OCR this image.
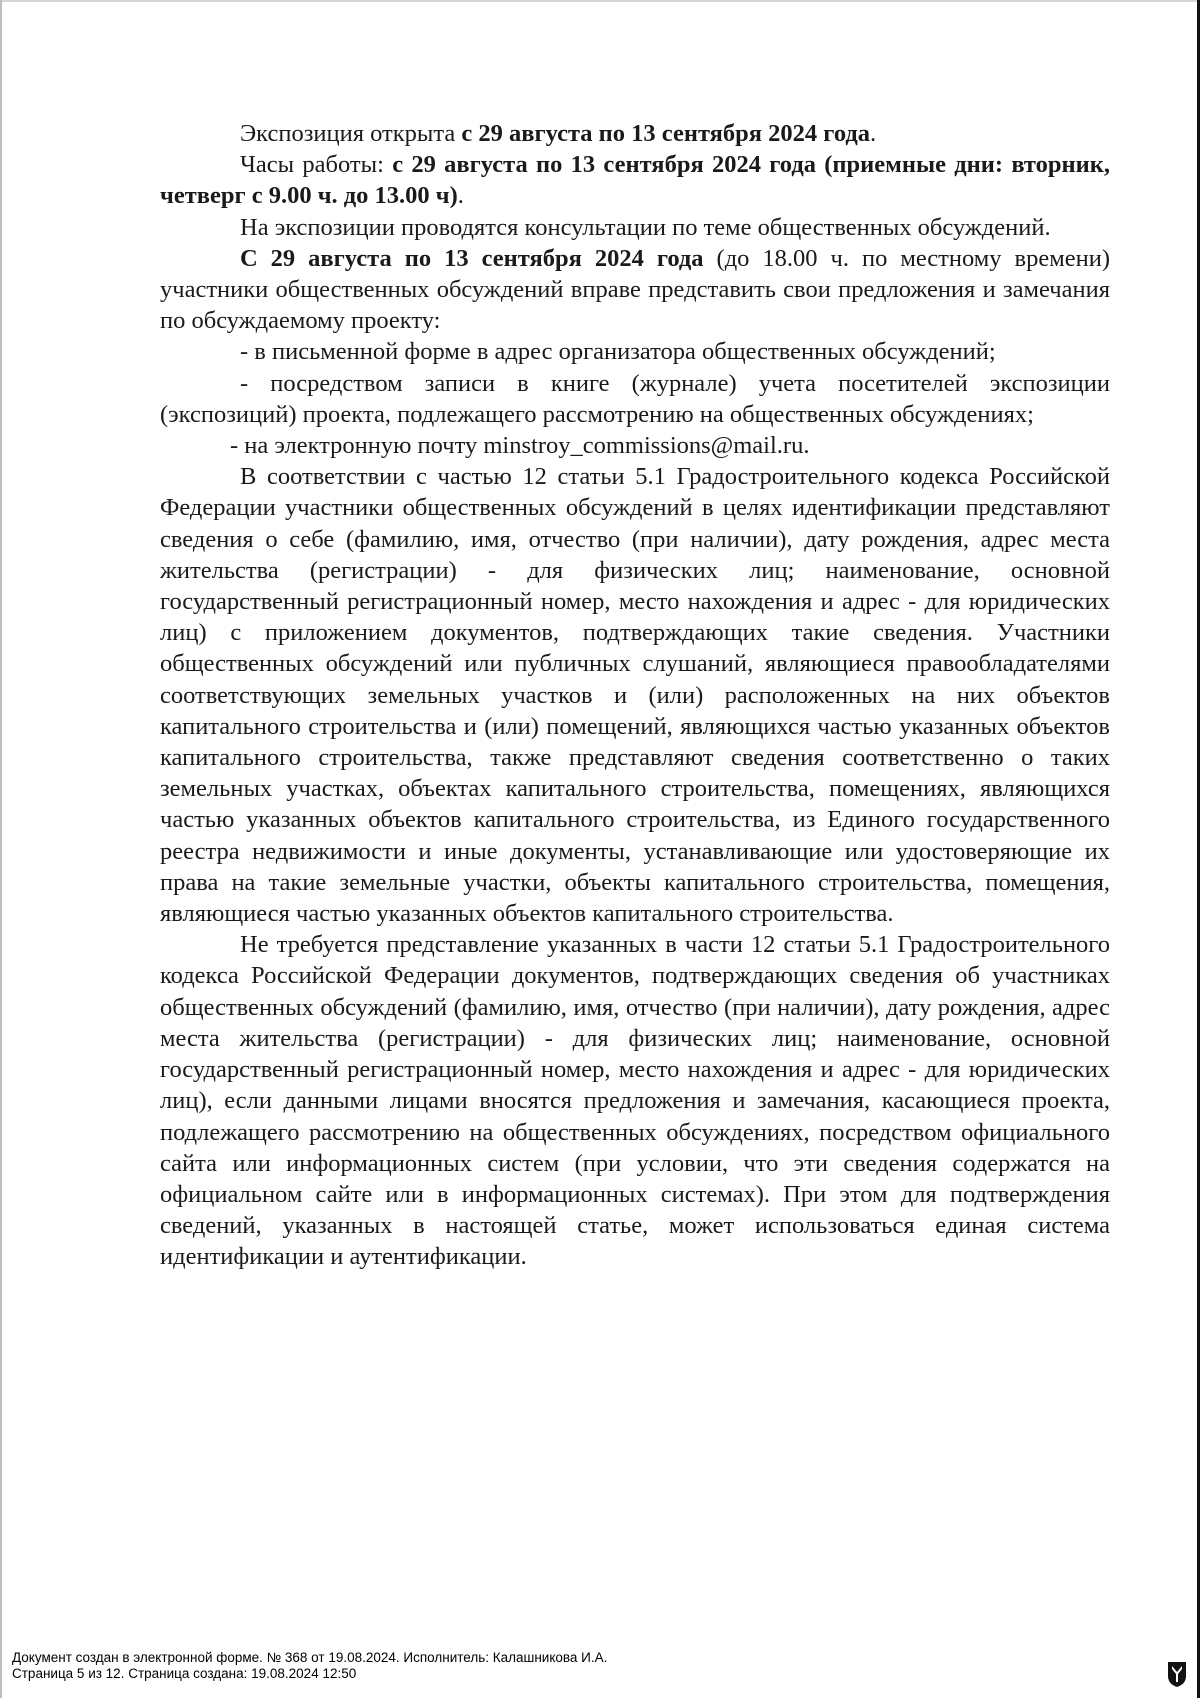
Экспозиция открыта с 29 августа по 13 сентября 2024 года.

Часы работы: с 29 августа по 13 сентября 2024 года (приемные дни: вторник, четверг с 9.00 ч. до 13.00 ч).

На экспозиции проводятся консультации по теме общественных обсуждений.

С 29 августа по 13 сентября 2024 года (до 18.00 ч. по местному времени) участники общественных обсуждений вправе представить свои предложения и замечания по обсуждаемому проекту:

- в письменной форме в адрес организатора общественных обсуждений;

- посредством записи в книге (журнале) учета посетителей экспозиции (экспозиций) проекта, подлежащего рассмотрению на общественных обсуждениях;

- на электронную почту minstroy_commissions@mail.ru.

В соответствии с частью 12 статьи 5.1 Градостроительного кодекса Российской Федерации участники общественных обсуждений в целях идентификации представляют сведения о себе (фамилию, имя, отчество (при наличии), дату рождения, адрес места жительства (регистрации) - для физических лиц; наименование, основной государственный регистрационный номер, место нахождения и адрес - для юридических лиц) с приложением документов, подтверждающих такие сведения. Участники общественных обсуждений или публичных слушаний, являющиеся правообладателями соответствующих земельных участков и (или) расположенных на них объектов капитального строительства и (или) помещений, являющихся частью указанных объектов капитального строительства, также представляют сведения соответственно о таких земельных участках, объектах капитального строительства, помещениях, являющихся частью указанных объектов капитального строительства, из Единого государственного реестра недвижимости и иные документы, устанавливающие или удостоверяющие их права на такие земельные участки, объекты капитального строительства, помещения, являющиеся частью указанных объектов капитального строительства.

Не требуется представление указанных в части 12 статьи 5.1 Градостроительного кодекса Российской Федерации документов, подтверждающих сведения об участниках общественных обсуждений (фамилию, имя, отчество (при наличии), дату рождения, адрес места жительства (регистрации) - для физических лиц; наименование, основной государственный регистрационный номер, место нахождения и адрес - для юридических лиц), если данными лицами вносятся предложения и замечания, касающиеся проекта, подлежащего рассмотрению на общественных обсуждениях, посредством официального сайта или информационных систем (при условии, что эти сведения содержатся на официальном сайте или в информационных системах). При этом для подтверждения сведений, указанных в настоящей статье, может использоваться единая система идентификации и аутентификации.

Документ создан в электронной форме. № 368 от 19.08.2024. Исполнитель: Калашникова И.А.
Страница 5 из 12. Страница создана: 19.08.2024 12:50
